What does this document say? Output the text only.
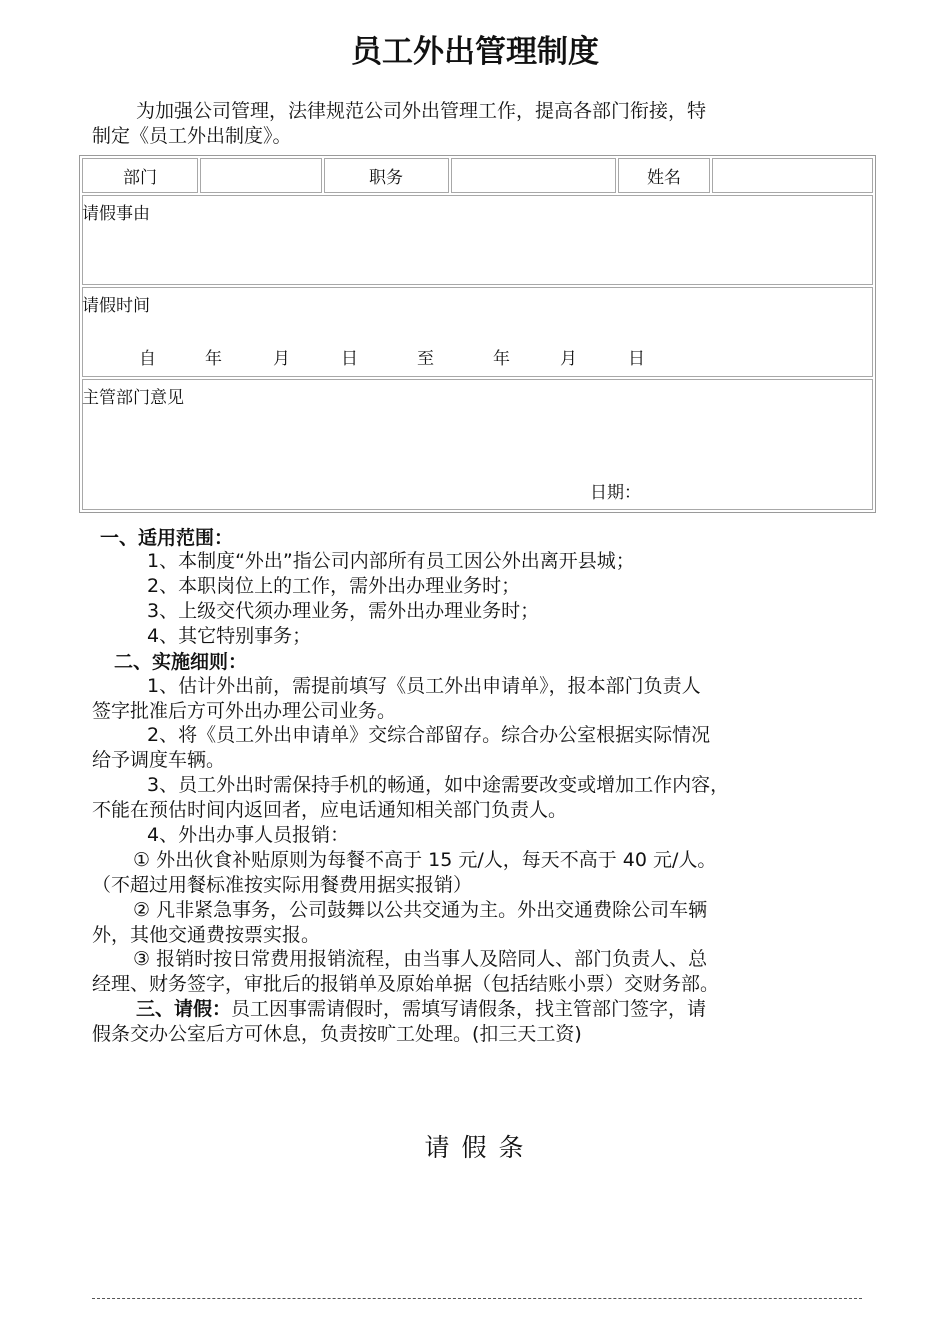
员工外出管理制度
为加强公司管理，法律规范公司外出管理工作，提高各部门衔接，特
制定《员工外出制度》。
部门	职务	姓名
请假事由
请假时间
自	年	月	日	至	年	月	日
主管部门意见
日期：
一、适用范围：
1、本制度“外出”指公司内部所有员工因公外出离开县城；
2、本职岗位上的工作，需外出办理业务时；
3、上级交代须办理业务，需外出办理业务时；
4、其它特别事务；
二、实施细则：
1、估计外出前，需提前填写《员工外出申请单》，报本部门负责人
签字批准后方可外出办理公司业务。
2、将《员工外出申请单》交综合部留存。综合办公室根据实际情况
给予调度车辆。
3、员工外出时需保持手机的畅通，如中途需要改变或增加工作内容，
不能在预估时间内返回者，应电话通知相关部门负责人。
4、外出办事人员报销：
① 外出伙食补贴原则为每餐不高于 15 元/人，每天不高于 40 元/人。
（不超过用餐标准按实际用餐费用据实报销）
② 凡非紧急事务，公司鼓舞以公共交通为主。外出交通费除公司车辆
外，其他交通费按票实报。
③ 报销时按日常费用报销流程，由当事人及陪同人、部门负责人、总
经理、财务签字，审批后的报销单及原始单据（包括结账小票）交财务部。
三、请假：员工因事需请假时，需填写请假条，找主管部门签字，请
假条交办公室后方可休息，负责按旷工处理。(扣三天工资)
请 假 条
